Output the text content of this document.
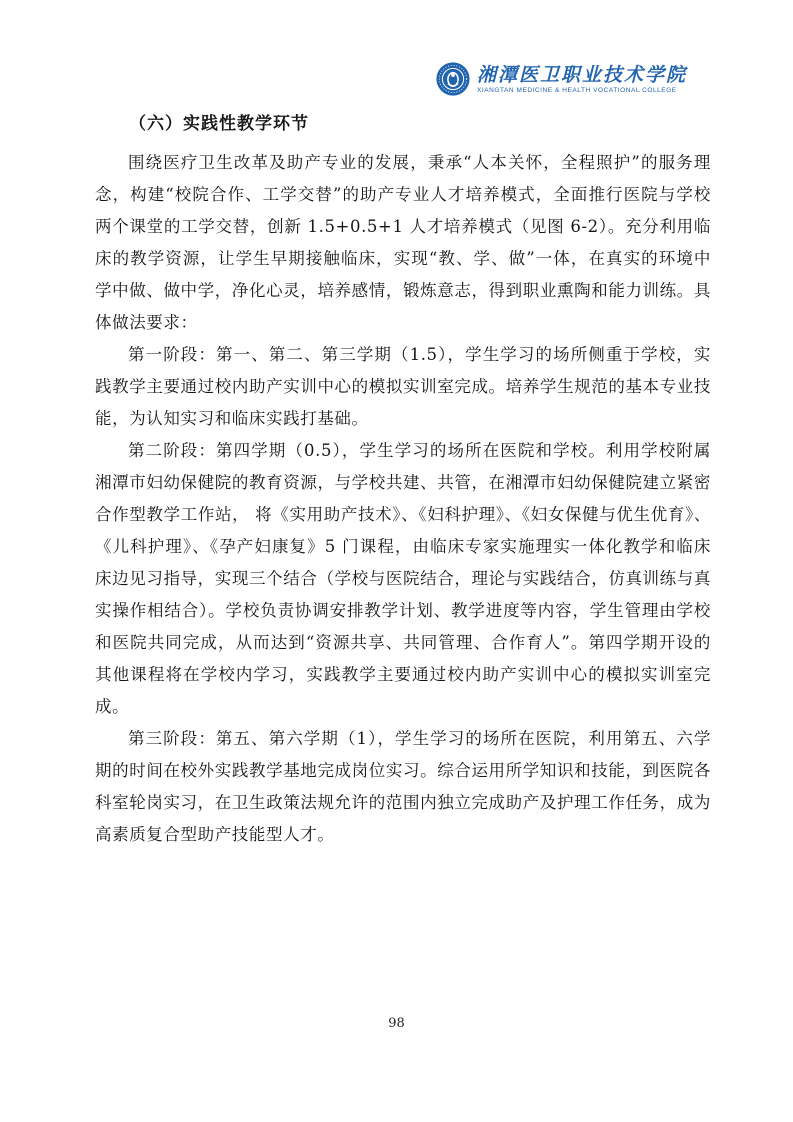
湘潭医卫职业技术学院
XIANGTAN MEDICINE & HEALTH VOCATIONAL COLLEGE
（六）实践性教学环节

围绕医疗卫生改革及助产专业的发展，秉承“人本关怀，全程照护”的服务理念，构建“校院合作、工学交替”的助产专业人才培养模式，全面推行医院与学校两个课堂的工学交替，创新 1.5+0.5+1 人才培养模式（见图 6-2）。充分利用临床的教学资源，让学生早期接触临床，实现“教、学、做”一体，在真实的环境中学中做、做中学，净化心灵，培养感情，锻炼意志，得到职业熏陶和能力训练。具体做法要求：

第一阶段：第一、第二、第三学期（1.5），学生学习的场所侧重于学校，实践教学主要通过校内助产实训中心的模拟实训室完成。培养学生规范的基本专业技能，为认知实习和临床实践打基础。

第二阶段：第四学期（0.5），学生学习的场所在医院和学校。利用学校附属湘潭市妇幼保健院的教育资源，与学校共建、共管，在湘潭市妇幼保健院建立紧密合作型教学工作站， 将《实用助产技术》、《妇科护理》、《妇女保健与优生优育》、《儿科护理》、《孕产妇康复》5 门课程，由临床专家实施理实一体化教学和临床床边见习指导，实现三个结合（学校与医院结合，理论与实践结合，仿真训练与真实操作相结合）。学校负责协调安排教学计划、教学进度等内容，学生管理由学校和医院共同完成，从而达到“资源共享、共同管理、合作育人”。第四学期开设的其他课程将在学校内学习，实践教学主要通过校内助产实训中心的模拟实训室完成。

第三阶段：第五、第六学期（1），学生学习的场所在医院，利用第五、六学期的时间在校外实践教学基地完成岗位实习。综合运用所学知识和技能，到医院各科室轮岗实习，在卫生政策法规允许的范围内独立完成助产及护理工作任务，成为高素质复合型助产技能型人才。

98
